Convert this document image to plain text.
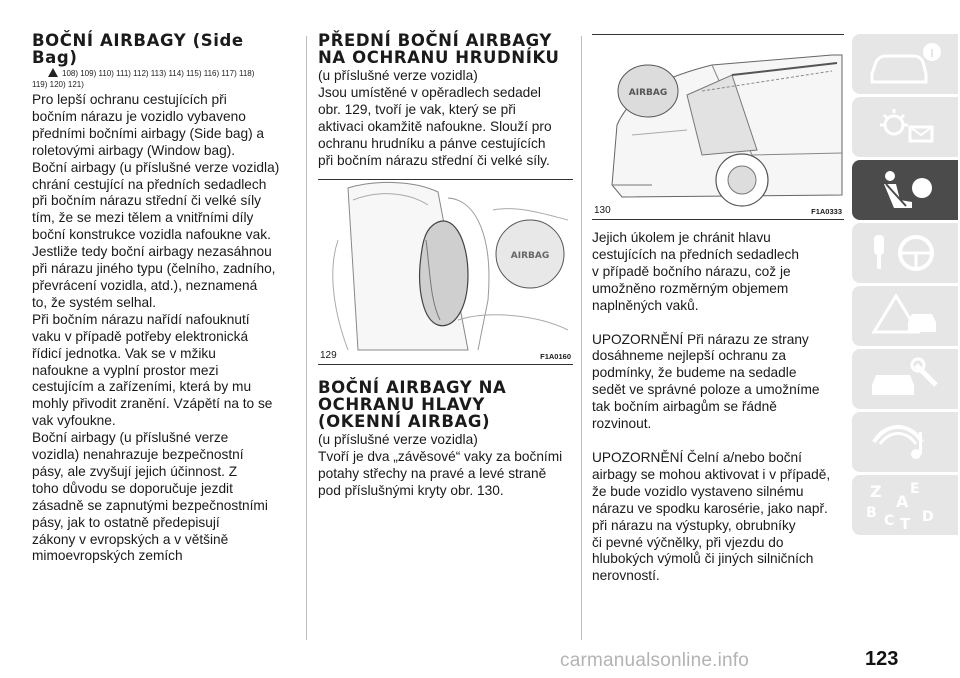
BOČNÍ AIRBAGY (Side
Bag)
108) 109) 110) 111) 112) 113) 114) 115) 116) 117) 118)
119) 120) 121)

Pro lepší ochranu cestujících při

bočním nárazu je vozidlo vybaveno

předními bočními airbagy (Side bag) a

roletovými airbagy (Window bag).

Boční airbagy (u příslušné verze vozidla)

chrání cestující na předních sedadlech

při bočním nárazu střední či velké síly

tím, že se mezi tělem a vnitřními díly

boční konstrukce vozidla nafoukne vak.

Jestliže tedy boční airbagy nezasáhnou

při nárazu jiného typu (čelního, zadního,

převrácení vozidla, atd.), neznamená

to, že systém selhal.

Při bočním nárazu nařídí nafouknutí

vaku v případě potřeby elektronická

řídicí jednotka. Vak se v mžiku

nafoukne a vyplní prostor mezi

cestujícím a zařízeními, která by mu

mohly přivodit zranění. Vzápětí na to se

vak vyfoukne.

Boční airbagy (u příslušné verze

vozidla) nenahrazuje bezpečnostní

pásy, ale zvyšují jejich účinnost. Z

toho důvodu se doporučuje jezdit

zásadně se zapnutými bezpečnostními

pásy, jak to ostatně předepisují

zákony v evropských a v většině

mimoevropských zemích

PŘEDNÍ BOČNÍ AIRBAGY
NA OCHRANU HRUDNÍKU

(u příslušné verze vozidla)

Jsou umístěné v opěradlech sedadel

obr. 129, tvoří je vak, který se při

aktivaci okamžitě nafoukne. Slouží pro

ochranu hrudníku a pánve cestujících

při bočním nárazu střední či velké síly.

AIRBAG
129	F1A0160
BOČNÍ AIRBAGY NA
OCHRANU HLAVY
(OKENNÍ AIRBAG)

(u příslušné verze vozidla)

Tvoří je dva „závěsové“ vaky za bočními

potahy střechy na pravé a levé straně

pod příslušnými kryty obr. 130.

AIRBAG
130	F1A0333

Jejich úkolem je chránit hlavu

cestujících na předních sedadlech

v případě bočního nárazu, což je

umožněno rozměrným objemem

naplněných vaků.

UPOZORNĚNÍ Při nárazu ze strany

dosáhneme nejlepší ochranu za

podmínky, že budeme na sedadle

sedět ve správné poloze a umožníme

tak bočním airbagům se řádně

rozvinout.

UPOZORNĚNÍ Čelní a/nebo boční

airbagy se mohou aktivovat i v případě,

že bude vozidlo vystaveno silnému

nárazu ve spodku karosérie, jako např.

při nárazu na výstupky, obrubníky

či pevné výčnělky, při vjezdu do

hlubokých výmolů či jiných silničních

nerovností.

Z E
A
B C T D
carmanualsonline.info	123
